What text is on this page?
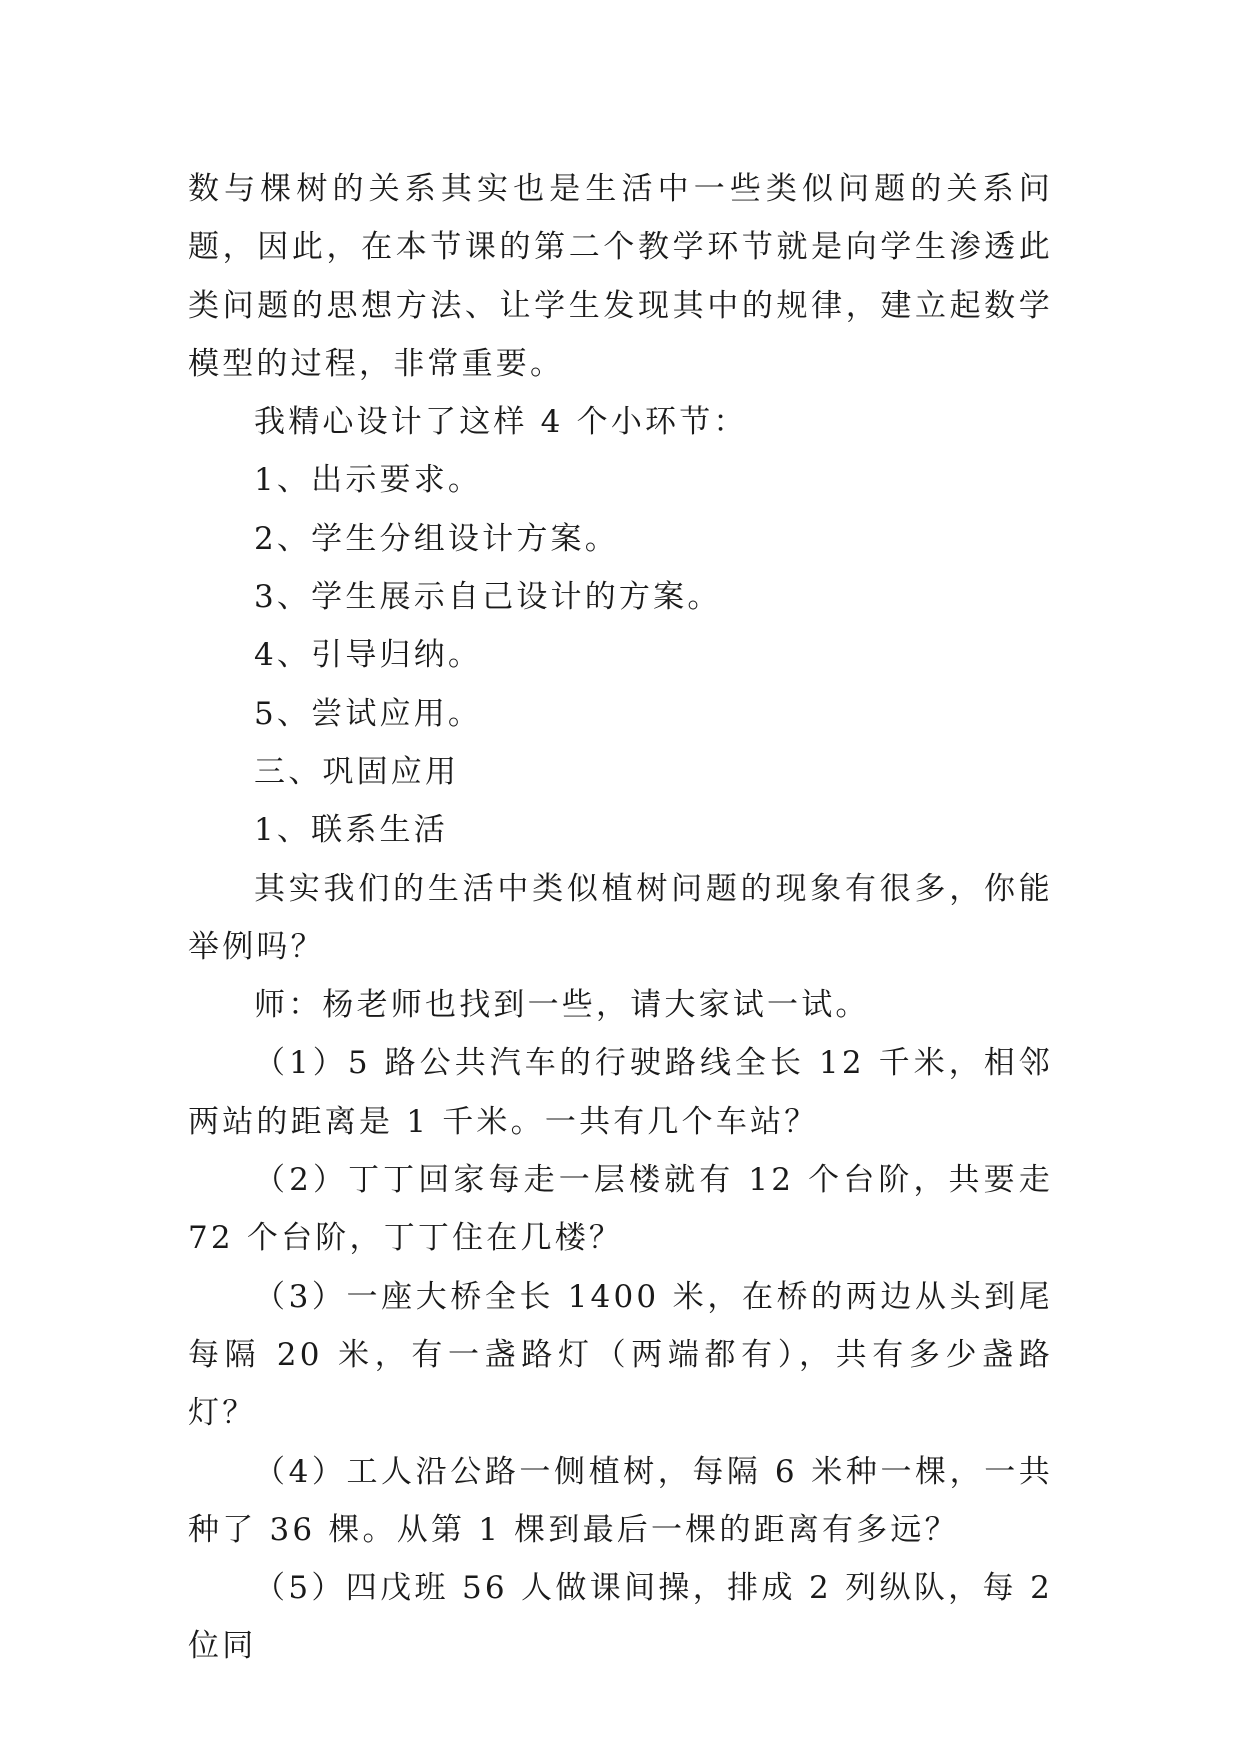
数与棵树的关系其实也是生活中一些类似问题的关系问题，因此，在本节课的第二个教学环节就是向学生渗透此类问题的思想方法、让学生发现其中的规律，建立起数学模型的过程，非常重要。

我精心设计了这样 4 个小环节：

1、出示要求。

2、学生分组设计方案。

3、学生展示自己设计的方案。

4、引导归纳。

5、尝试应用。

三、巩固应用

1、联系生活

其实我们的生活中类似植树问题的现象有很多，你能举例吗？

师：杨老师也找到一些，请大家试一试。

（1）5 路公共汽车的行驶路线全长 12 千米，相邻两站的距离是 1 千米。一共有几个车站？

（2）丁丁回家每走一层楼就有 12 个台阶，共要走 72 个台阶，丁丁住在几楼？

（3）一座大桥全长 1400 米，在桥的两边从头到尾每隔 20 米，有一盏路灯（两端都有），共有多少盏路灯？

（4）工人沿公路一侧植树，每隔 6 米种一棵，一共种了 36 棵。从第 1 棵到最后一棵的距离有多远？

（5）四戊班 56 人做课间操，排成 2 列纵队，每 2 位同
